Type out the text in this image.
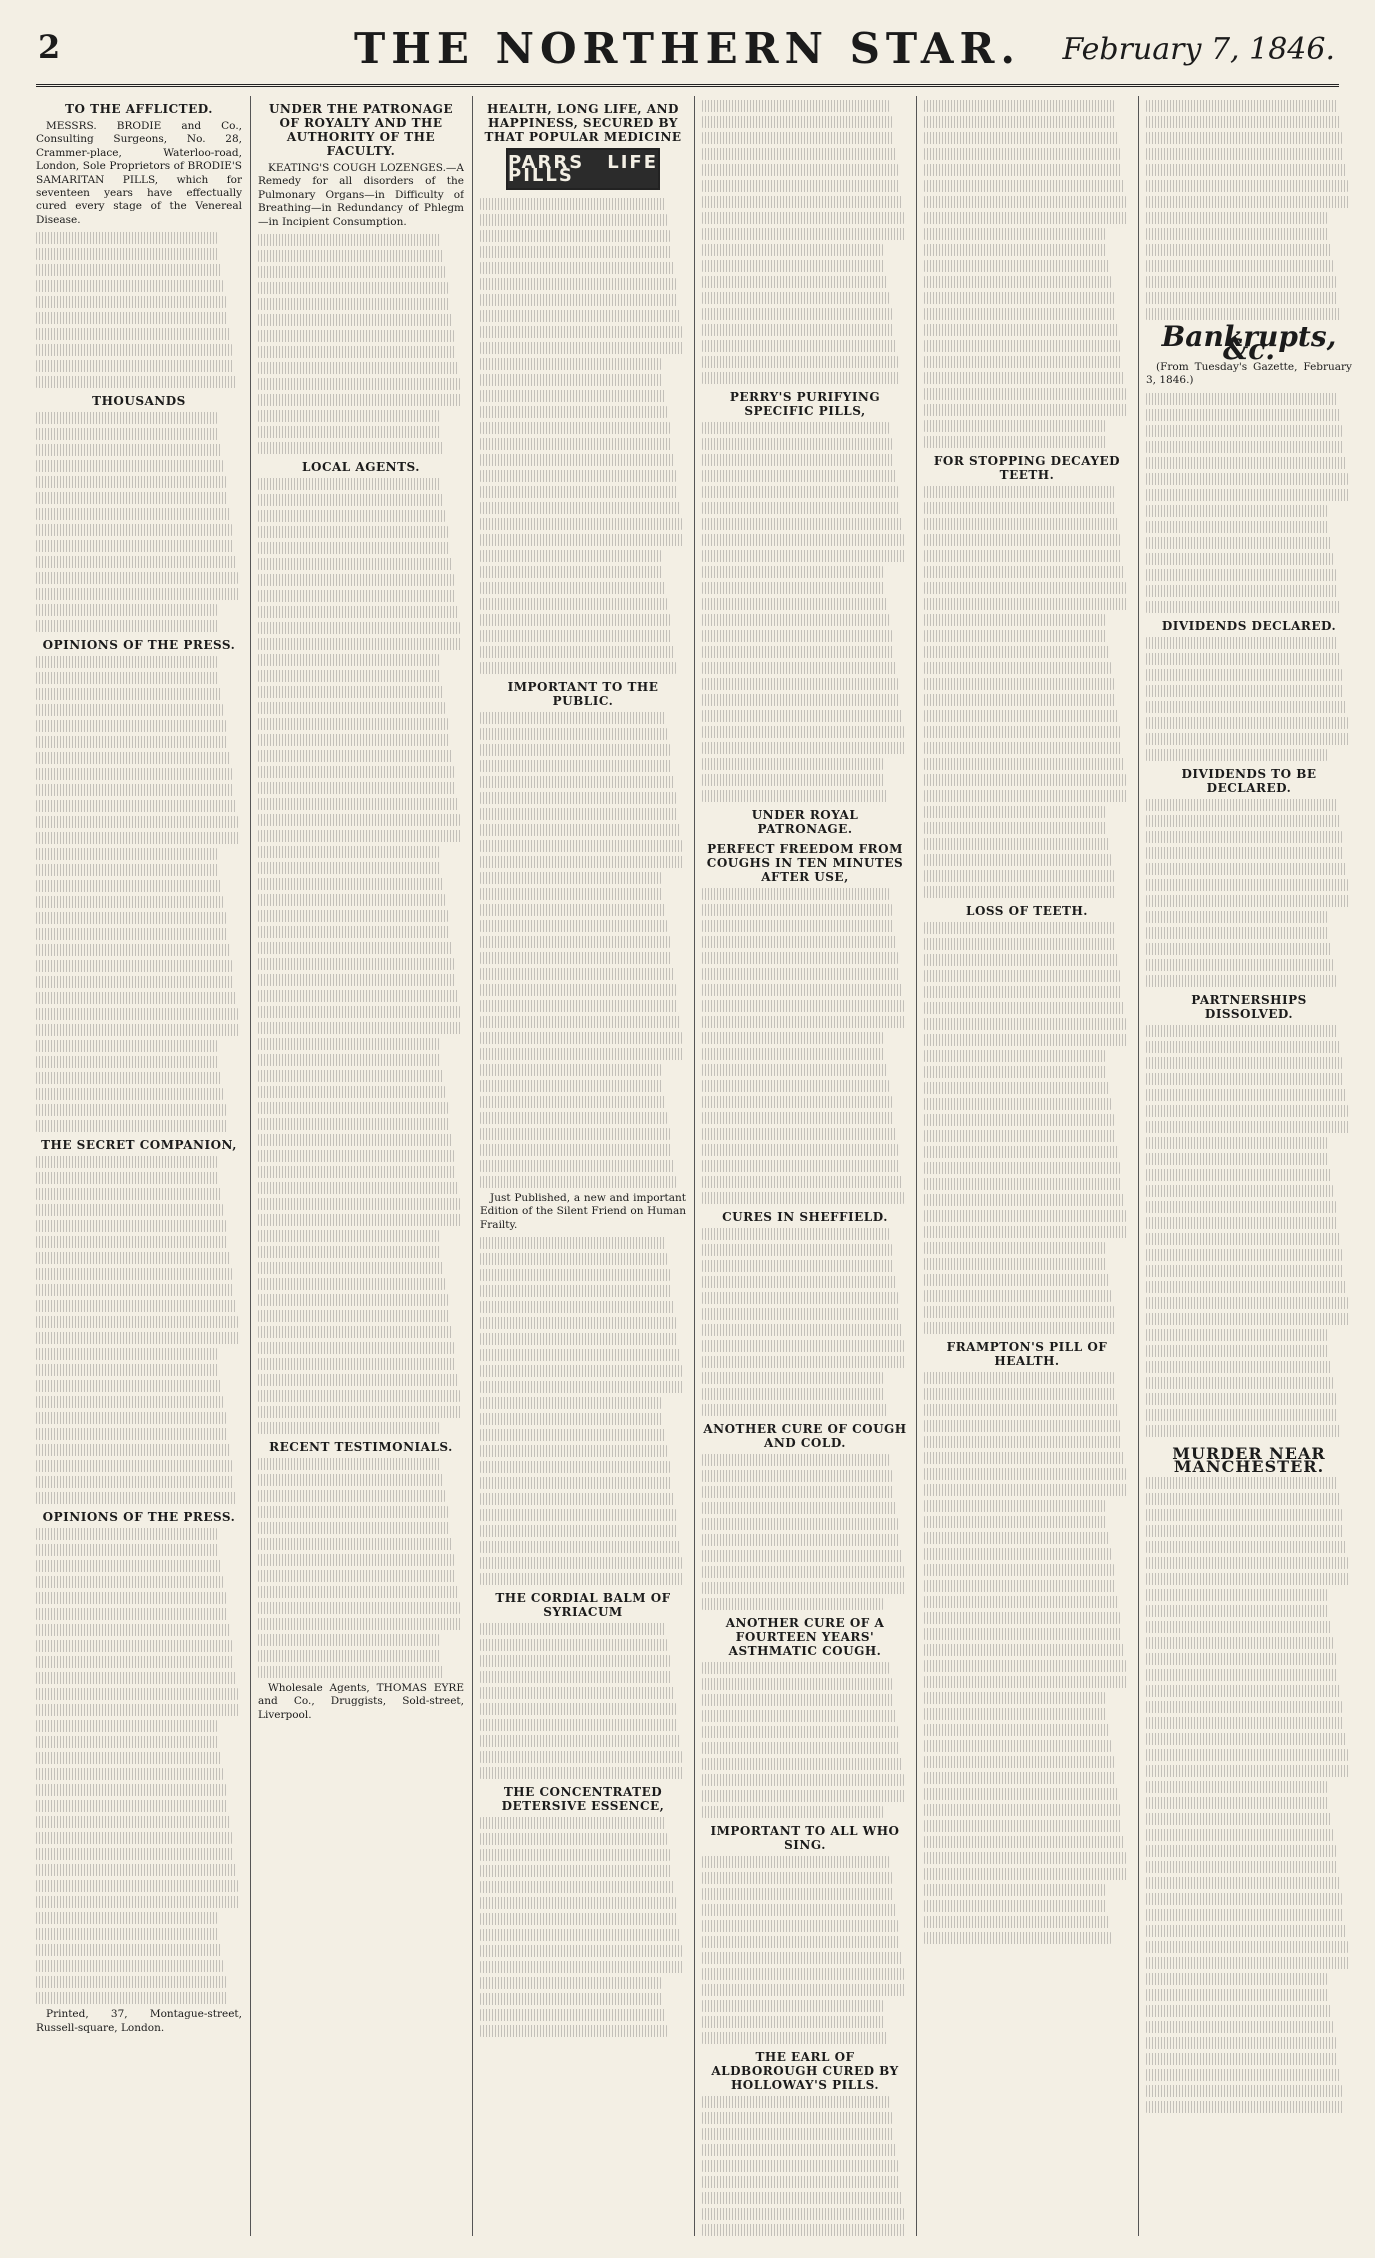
2	THE NORTHERN STAR.	February 7, 1846.
TO THE AFFLICTED.

MESSRS. BRODIE and Co., Consulting Surgeons, No. 28, Crammer-place, Waterloo-road, London, Sole Proprietors of BRODIE'S SAMARITAN PILLS, which for seventeen years have effectually cured every stage of the Venereal Disease.

THOUSANDS
OPINIONS OF THE PRESS.
THE SECRET COMPANION,
OPINIONS OF THE PRESS.

Printed, 37, Montague-street, Russell-square, London.

UNDER THE PATRONAGE OF ROYALTY AND THE AUTHORITY OF THE FACULTY.

KEATING'S COUGH LOZENGES.—A Remedy for all disorders of the Pulmonary Organs—in Difficulty of Breathing—in Redundancy of Phlegm—in Incipient Consumption.

LOCAL AGENTS.
RECENT TESTIMONIALS.

Wholesale Agents, THOMAS EYRE and Co., Druggists, Sold-street, Liverpool.

HEALTH, LONG LIFE, AND HAPPINESS, SECURED BY THAT POPULAR MEDICINE
PARRS LIFE PILLS
IMPORTANT TO THE PUBLIC.

Just Published, a new and important Edition of the Silent Friend on Human Frailty.

THE CORDIAL BALM OF SYRIACUM
THE CONCENTRATED DETERSIVE ESSENCE,
PERRY'S PURIFYING SPECIFIC PILLS,
UNDER ROYAL PATRONAGE.
PERFECT FREEDOM FROM COUGHS IN TEN MINUTES AFTER USE,
CURES IN SHEFFIELD.
ANOTHER CURE OF COUGH AND COLD.
ANOTHER CURE OF A FOURTEEN YEARS' ASTHMATIC COUGH.
IMPORTANT TO ALL WHO SING.
THE EARL OF ALDBOROUGH CURED BY HOLLOWAY'S PILLS.
FOR STOPPING DECAYED TEETH.
LOSS OF TEETH.
FRAMPTON'S PILL OF HEALTH.
Bankrupts, &c.

(From Tuesday's Gazette, February 3, 1846.)

DIVIDENDS DECLARED.
DIVIDENDS TO BE DECLARED.
PARTNERSHIPS DISSOLVED.
MURDER NEAR MANCHESTER.
